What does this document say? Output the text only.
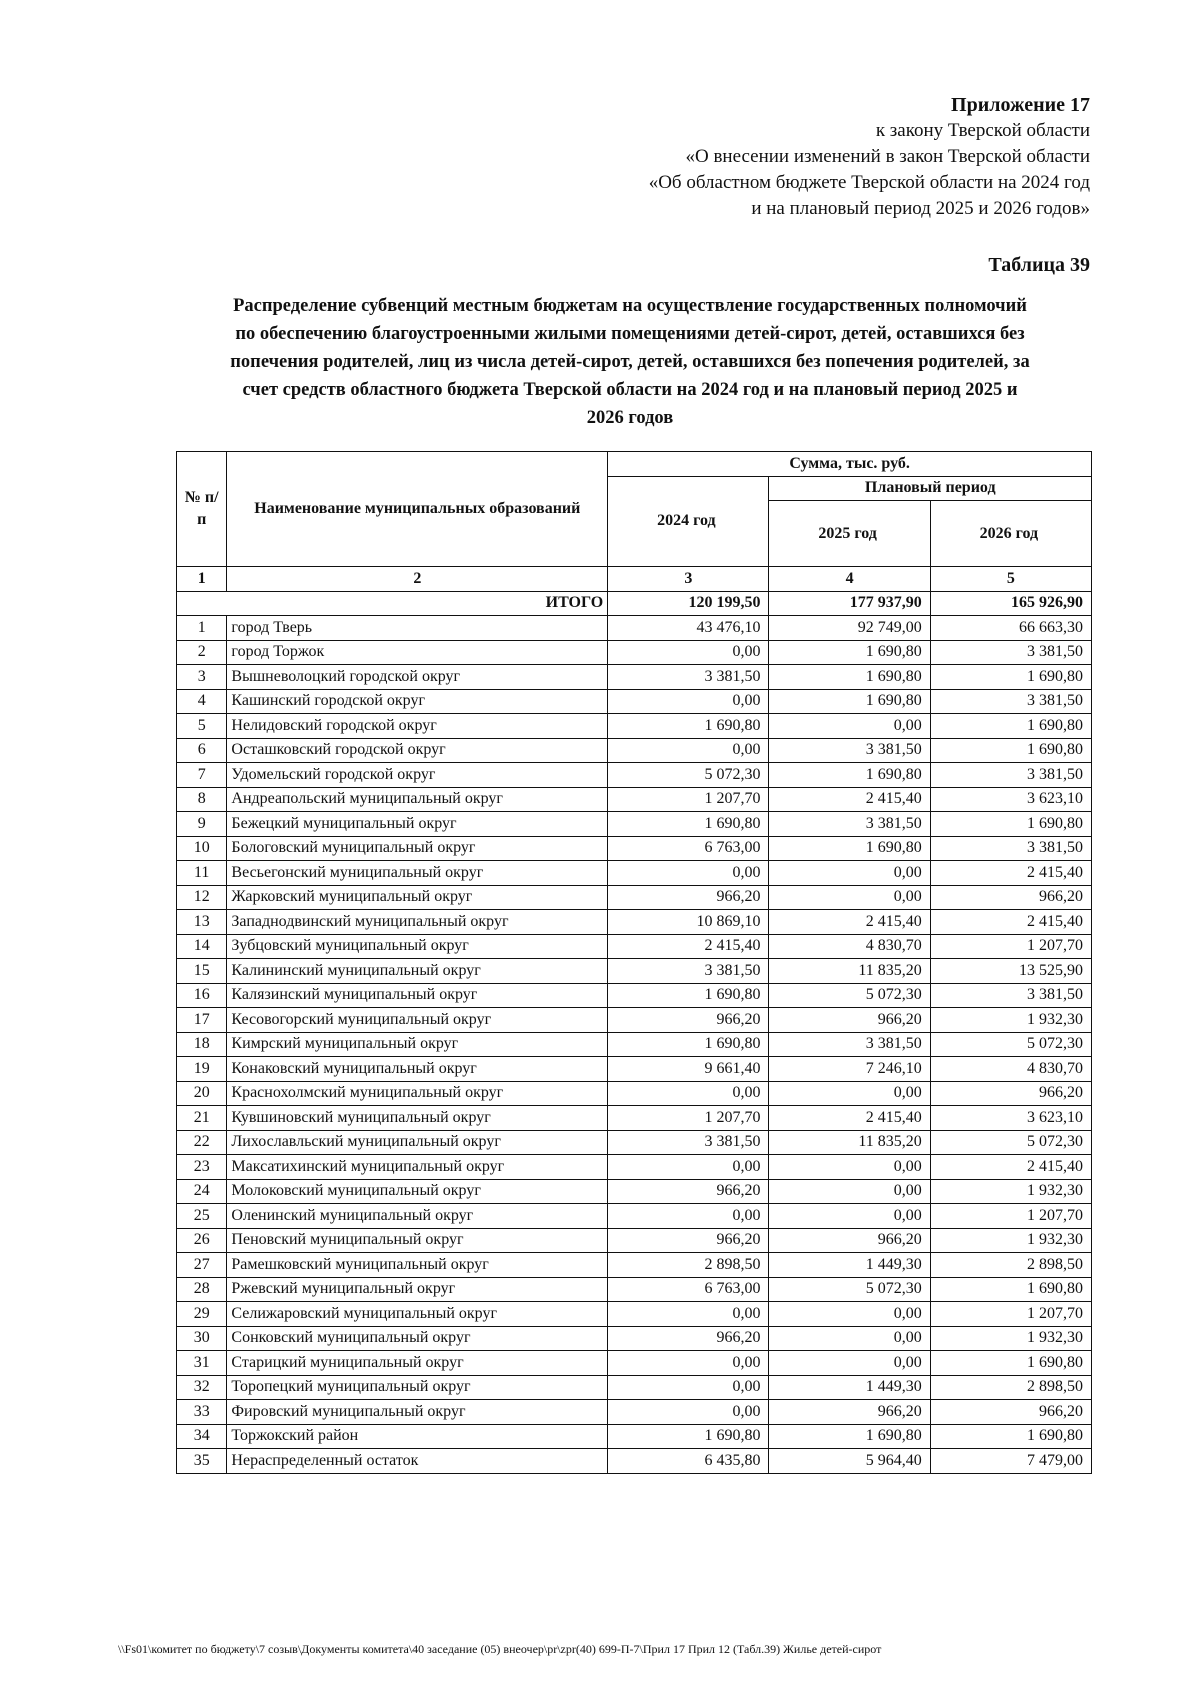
Приложение 17
к закону Тверской области
«О внесении изменений в закон Тверской области
«Об областном бюджете Тверской области на 2024 год
и на плановый период 2025 и 2026 годов»
Таблица 39
Распределение субвенций местным бюджетам на осуществление государственных полномочий
по обеспечению благоустроенными жилыми помещениями детей-сирот, детей, оставшихся без
попечения родителей, лиц из числа детей-сирот, детей, оставшихся без попечения родителей, за
счет средств областного бюджета Тверской области на 2024 год и на плановый период 2025 и
2026 годов
№ п/п	Наименование муниципальных образований	Сумма, тыс. руб.		
		2024 год	Плановый период	
			2025 год	2026 год
1	2	3	4	5
ИТОГО		120 199,50	177 937,90	165 926,90
1	город Тверь	43 476,10	92 749,00	66 663,30
2	город Торжок	0,00	1 690,80	3 381,50
3	Вышневолоцкий городской округ	3 381,50	1 690,80	1 690,80
4	Кашинский городской округ	0,00	1 690,80	3 381,50
5	Нелидовский городской округ	1 690,80	0,00	1 690,80
6	Осташковский городской округ	0,00	3 381,50	1 690,80
7	Удомельский городской округ	5 072,30	1 690,80	3 381,50
8	Андреапольский муниципальный округ	1 207,70	2 415,40	3 623,10
9	Бежецкий муниципальный округ	1 690,80	3 381,50	1 690,80
10	Бологовский муниципальный округ	6 763,00	1 690,80	3 381,50
11	Весьегонский муниципальный округ	0,00	0,00	2 415,40
12	Жарковский муниципальный округ	966,20	0,00	966,20
13	Западнодвинский муниципальный округ	10 869,10	2 415,40	2 415,40
14	Зубцовский муниципальный округ	2 415,40	4 830,70	1 207,70
15	Калининский муниципальный округ	3 381,50	11 835,20	13 525,90
16	Калязинский муниципальный округ	1 690,80	5 072,30	3 381,50
17	Кесовогорский муниципальный округ	966,20	966,20	1 932,30
18	Кимрский муниципальный округ	1 690,80	3 381,50	5 072,30
19	Конаковский муниципальный округ	9 661,40	7 246,10	4 830,70
20	Краснохолмский муниципальный округ	0,00	0,00	966,20
21	Кувшиновский муниципальный округ	1 207,70	2 415,40	3 623,10
22	Лихославльский муниципальный округ	3 381,50	11 835,20	5 072,30
23	Максатихинский муниципальный округ	0,00	0,00	2 415,40
24	Молоковский муниципальный округ	966,20	0,00	1 932,30
25	Оленинский муниципальный округ	0,00	0,00	1 207,70
26	Пеновский муниципальный округ	966,20	966,20	1 932,30
27	Рамешковский муниципальный округ	2 898,50	1 449,30	2 898,50
28	Ржевский муниципальный округ	6 763,00	5 072,30	1 690,80
29	Селижаровский муниципальный округ	0,00	0,00	1 207,70
30	Сонковский муниципальный округ	966,20	0,00	1 932,30
31	Старицкий муниципальный округ	0,00	0,00	1 690,80
32	Торопецкий муниципальный округ	0,00	1 449,30	2 898,50
33	Фировский муниципальный округ	0,00	966,20	966,20
34	Торжокский район	1 690,80	1 690,80	1 690,80
35	Нераспределенный остаток	6 435,80	5 964,40	7 479,00
\\Fs01\комитет по бюджету\7 созыв\Документы комитета\40 заседание (05) внеочер\pr\zpr(40) 699-П-7\Прил 17 Прил 12 (Табл.39) Жилье детей-сирот
